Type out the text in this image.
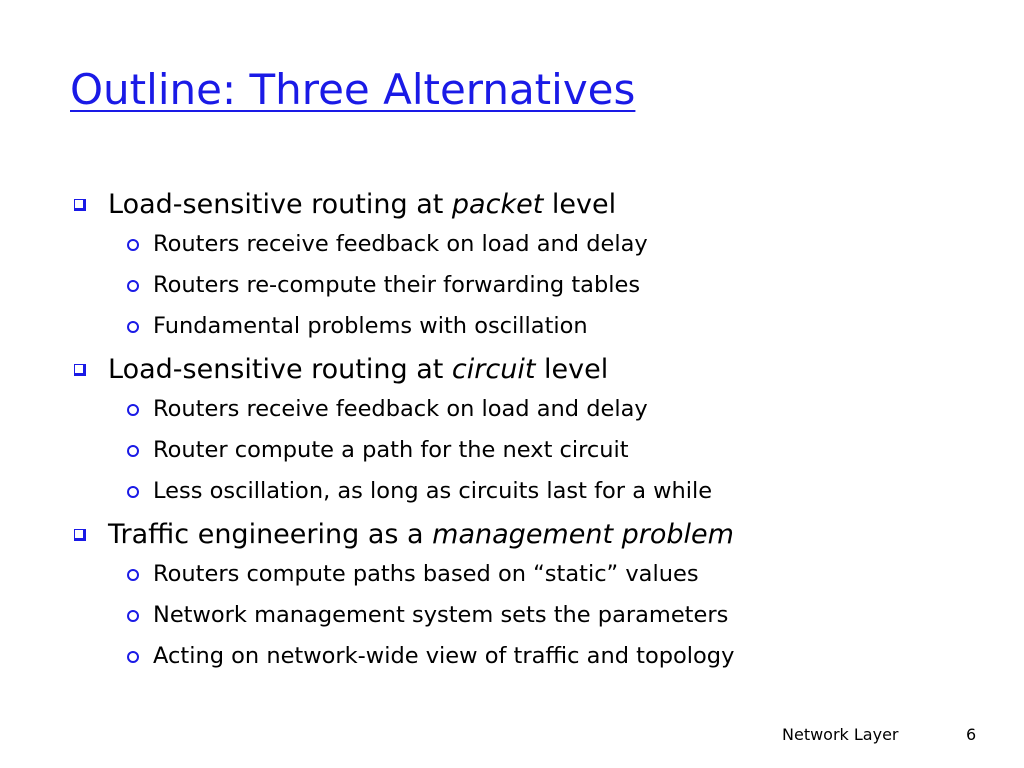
Outline: Three Alternatives
Load-sensitive routing at packet level
Routers receive feedback on load and delay
Routers re-compute their forwarding tables
Fundamental problems with oscillation
Load-sensitive routing at circuit level
Routers receive feedback on load and delay
Router compute a path for the next circuit
Less oscillation, as long as circuits last for a while
Traffic engineering as a management problem
Routers compute paths based on “static” values
Network management system sets the parameters
Acting on network-wide view of traffic and topology
Network Layer	6
